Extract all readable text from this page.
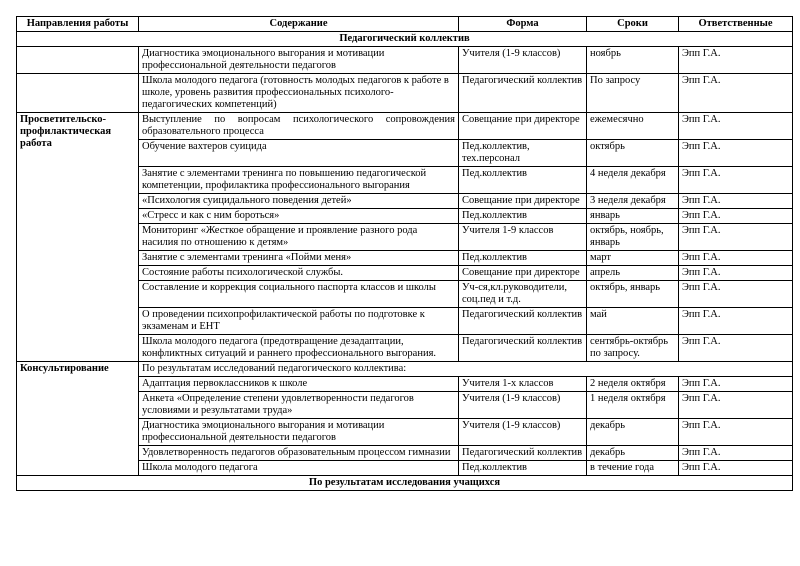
Направления работы	Содержание	Форма	Сроки	Ответственные
Педагогический коллектив				
	Диагностика эмоционального выгорания и мотивации профессиональной деятельности педагогов	Учителя (1-9 классов)	ноябрь	Эпп Г.А.
	Школа молодого педагога (готовность молодых педагогов к работе в школе, уровень развития профессиональных психолого-педагогических компетенций)	Педагогический коллектив	По запросу	Эпп Г.А.
Просветительско-профилактическая работа	Выступление по вопросам психологического сопровождения образовательного процесса	Совещание при директоре	ежемесячно	Эпп Г.А.
	Обучение вахтеров суицида	Пед.коллектив, тех.персонал	октябрь	Эпп Г.А.
	Занятие с элементами тренинга по повышению педагогической компетенции, профилактика профессионального выгорания	Пед.коллектив	4 неделя декабря	Эпп Г.А.
	«Психология суицидального поведения детей»	Совещание при директоре	3 неделя декабря	Эпп Г.А.
	«Стресс и как с ним бороться»	Пед.коллектив	январь	Эпп Г.А.
	Мониторинг «Жесткое обращение и проявление разного рода насилия по отношению к детям»	Учителя 1-9 классов	октябрь, ноябрь, январь	Эпп Г.А.
	Занятие с элементами тренинга «Пойми меня»	Пед.коллектив	март	Эпп Г.А.
	Состояние работы психологической службы.	Совещание при директоре	апрель	Эпп Г.А.
	Составление и коррекция социального паспорта классов и школы	Уч-ся,кл.руководители, соц.пед и т.д.	октябрь, январь	Эпп Г.А.
	О проведении психопрофилактической работы по подготовке к экзаменам и ЕНТ	Педагогический коллектив	май	Эпп Г.А.
	Школа молодого педагога (предотвращение дезадаптации, конфликтных ситуаций и раннего профессионального выгорания.	Педагогический коллектив	сентябрь-октябрь по запросу.	Эпп Г.А.
Консультирование	По результатам исследований педагогического коллектива:			
	Адаптация первоклассников к школе	Учителя 1-х классов	2 неделя октября	Эпп Г.А.
	Анкета «Определение степени удовлетворенности педагогов условиями и результатами труда»	Учителя (1-9 классов)	1 неделя октября	Эпп Г.А.
	Диагностика эмоционального выгорания и мотивации профессиональной деятельности педагогов	Учителя (1-9 классов)	декабрь	Эпп Г.А.
	Удовлетворенность педагогов образовательным процессом гимназии	Педагогический коллектив	декабрь	Эпп Г.А.
	Школа молодого педагога	Пед.коллектив	в течение года	Эпп Г.А.
По результатам исследования учащихся				
